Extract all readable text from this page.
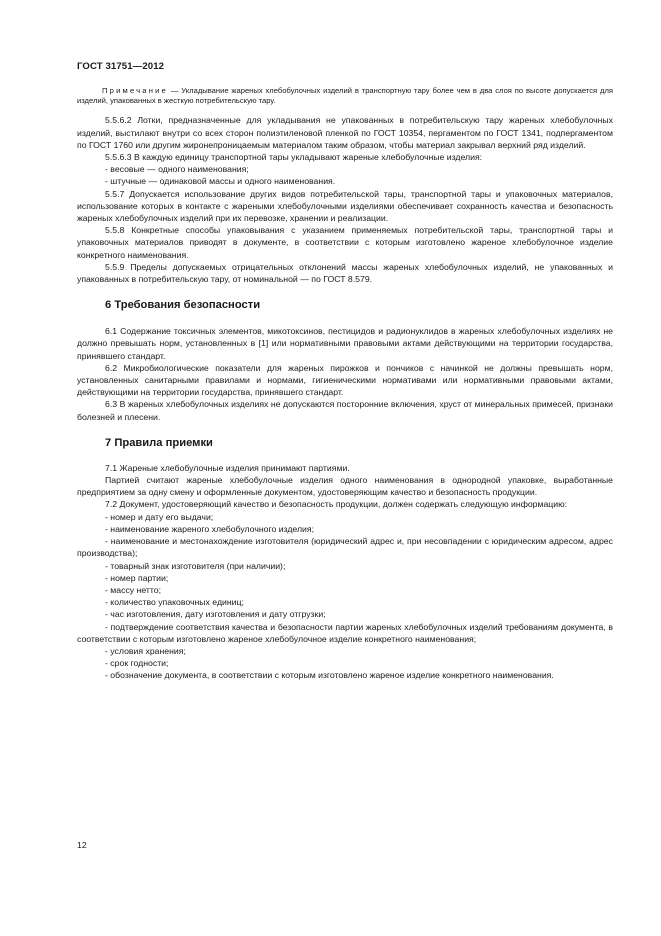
ГОСТ 31751—2012
Примечание — Укладывание жареных хлебобулочных изделий в транспортную тару более чем в два слоя по высоте допускается для изделий, упакованных в жесткую потребительскую тару.

5.5.6.2 Лотки, предназначенные для укладывания не упакованных в потребительскую тару жареных хлебобулочных изделий, выстилают внутри со всех сторон полиэтиленовой пленкой по ГОСТ 10354, пергаментом по ГОСТ 1341, подпергаментом по ГОСТ 1760 или другим жиронепроницаемым материалом таким образом, чтобы материал закрывал верхний ряд изделий.

5.5.6.3 В каждую единицу транспортной тары укладывают жареные хлебобулочные изделия:

- весовые — одного наименования;

- штучные — одинаковой массы и одного наименования.

5.5.7 Допускается использование других видов потребительской тары, транспортной тары и упаковочных материалов, использование которых в контакте с жареными хлебобулочными изделиями обеспечивает сохранность качества и безопасность жареных хлебобулочных изделий при их перевозке, хранении и реализации.

5.5.8 Конкретные способы упаковывания с указанием применяемых потребительской тары, транспортной тары и упаковочных материалов приводят в документе, в соответствии с которым изготовлено жареное хлебобулочное изделие конкретного наименования.

5.5.9 Пределы допускаемых отрицательных отклонений массы жареных хлебобулочных изделий, не упакованных и упакованных в потребительскую тару, от номинальной — по ГОСТ 8.579.

6 Требования безопасности

6.1 Содержание токсичных элементов, микотоксинов, пестицидов и радионуклидов в жареных хлебобулочных изделиях не должно превышать норм, установленных в [1] или нормативными правовыми актами действующими на территории государства, принявшего стандарт.

6.2 Микробиологические показатели для жареных пирожков и пончиков с начинкой не должны превышать норм, установленных санитарными правилами и нормами, гигиеническими нормативами или нормативными правовыми актами, действующими на территории государства, принявшего стандарт.

6.3 В жареных хлебобулочных изделиях не допускаются посторонние включения, хруст от минеральных примесей, признаки болезней и плесени.

7 Правила приемки

7.1 Жареные хлебобулочные изделия принимают партиями.

Партией считают жареные хлебобулочные изделия одного наименования в однородной упаковке, выработанные предприятием за одну смену и оформленные документом, удостоверяющим качество и безопасность продукции.

7.2 Документ, удостоверяющий качество и безопасность продукции, должен содержать следующую информацию:

- номер и дату его выдачи;

- наименование жареного хлебобулочного изделия;

- наименование и местонахождение изготовителя (юридический адрес и, при несовпадении с юридическим адресом, адрес производства);

- товарный знак изготовителя (при наличии);

- номер партии;

- массу нетто;

- количество упаковочных единиц;

- час изготовления, дату изготовления и дату отгрузки;

- подтверждение соответствия качества и безопасности партии жареных хлебобулочных изделий требованиям документа, в соответствии с которым изготовлено жареное хлебобулочное изделие конкретного наименования;

- условия хранения;

- срок годности;

- обозначение документа, в соответствии с которым изготовлено жареное изделие конкретного наименования.

12
